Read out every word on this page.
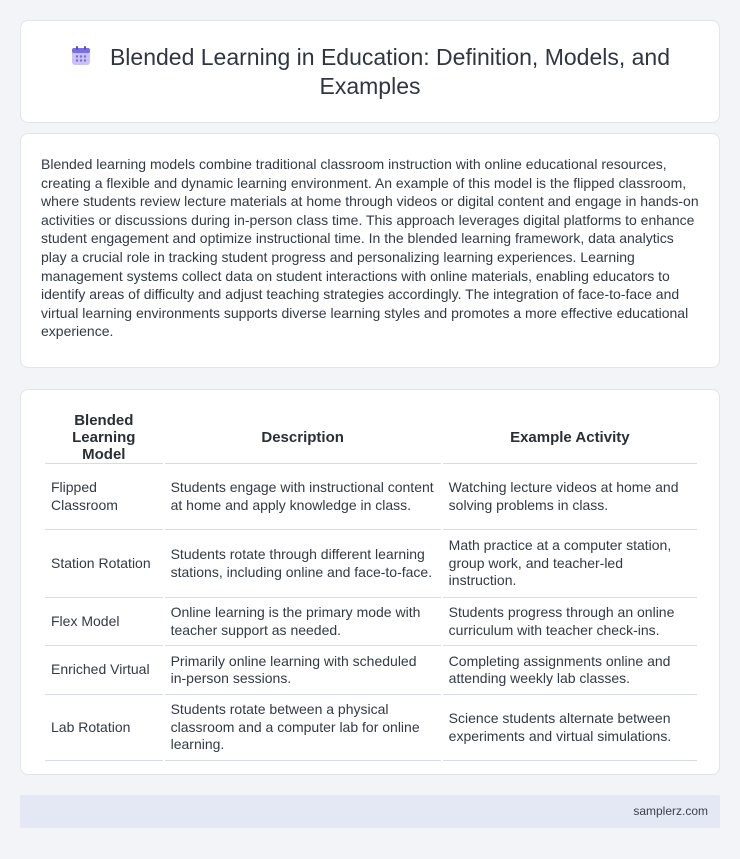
Blended Learning in Education: Definition, Models, and Examples

Blended learning models combine traditional classroom instruction with online educational resources, creating a flexible and dynamic learning environment. An example of this model is the flipped classroom, where students review lecture materials at home through videos or digital content and engage in hands-on activities or discussions during in-person class time. This approach leverages digital platforms to enhance student engagement and optimize instructional time. In the blended learning framework, data analytics play a crucial role in tracking student progress and personalizing learning experiences. Learning management systems collect data on student interactions with online materials, enabling educators to identify areas of difficulty and adjust teaching strategies accordingly. The integration of face-to-face and virtual learning environments supports diverse learning styles and promotes a more effective educational experience.

Blended Learning Model	Description	Example Activity
Flipped Classroom	Students engage with instructional content at home and apply knowledge in class.	Watching lecture videos at home and solving problems in class.
Station Rotation	Students rotate through different learning stations, including online and face-to-face.	Math practice at a computer station, group work, and teacher-led instruction.
Flex Model	Online learning is the primary mode with teacher support as needed.	Students progress through an online curriculum with teacher check-ins.
Enriched Virtual	Primarily online learning with scheduled in-person sessions.	Completing assignments online and attending weekly lab classes.
Lab Rotation	Students rotate between a physical classroom and a computer lab for online learning.	Science students alternate between experiments and virtual simulations.
samplerz.com
